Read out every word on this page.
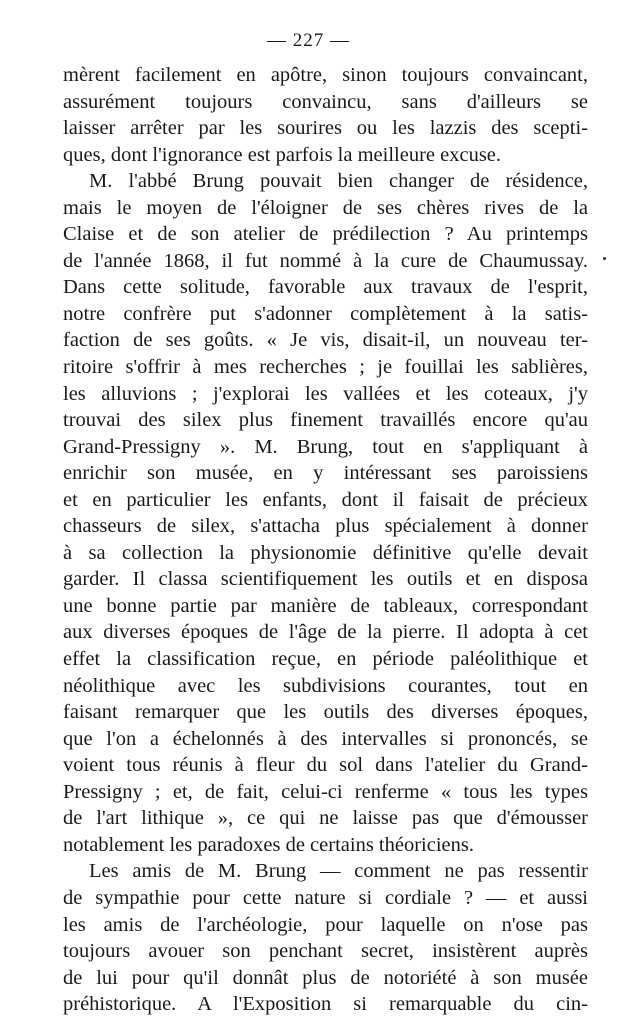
— 227 —
mèrent facilement en apôtre, sinon toujours convaincant,
assurément toujours convaincu, sans d'ailleurs se
laisser arrêter par les sourires ou les lazzis des scepti-
ques, dont l'ignorance est parfois la meilleure excuse.
M. l'abbé Brung pouvait bien changer de résidence,
mais le moyen de l'éloigner de ses chères rives de la
Claise et de son atelier de prédilection ? Au printemps
de l'année 1868, il fut nommé à la cure de Chaumussay.
Dans cette solitude, favorable aux travaux de l'esprit,
notre confrère put s'adonner complètement à la satis-
faction de ses goûts. « Je vis, disait-il, un nouveau ter-
ritoire s'offrir à mes recherches ; je fouillai les sablières,
les alluvions ; j'explorai les vallées et les coteaux, j'y
trouvai des silex plus finement travaillés encore qu'au
Grand-Pressigny ». M. Brung, tout en s'appliquant à
enrichir son musée, en y intéressant ses paroissiens
et en particulier les enfants, dont il faisait de précieux
chasseurs de silex, s'attacha plus spécialement à donner
à sa collection la physionomie définitive qu'elle devait
garder. Il classa scientifiquement les outils et en disposa
une bonne partie par manière de tableaux, correspondant
aux diverses époques de l'âge de la pierre. Il adopta à cet
effet la classification reçue, en période paléolithique et
néolithique avec les subdivisions courantes, tout en
faisant remarquer que les outils des diverses époques,
que l'on a échelonnés à des intervalles si prononcés, se
voient tous réunis à fleur du sol dans l'atelier du Grand-
Pressigny ; et, de fait, celui-ci renferme « tous les types
de l'art lithique », ce qui ne laisse pas que d'émousser
notablement les paradoxes de certains théoriciens.
Les amis de M. Brung — comment ne pas ressentir
de sympathie pour cette nature si cordiale ? — et aussi
les amis de l'archéologie, pour laquelle on n'ose pas
toujours avouer son penchant secret, insistèrent auprès
de lui pour qu'il donnât plus de notoriété à son musée
préhistorique. A l'Exposition si remarquable du cin-
